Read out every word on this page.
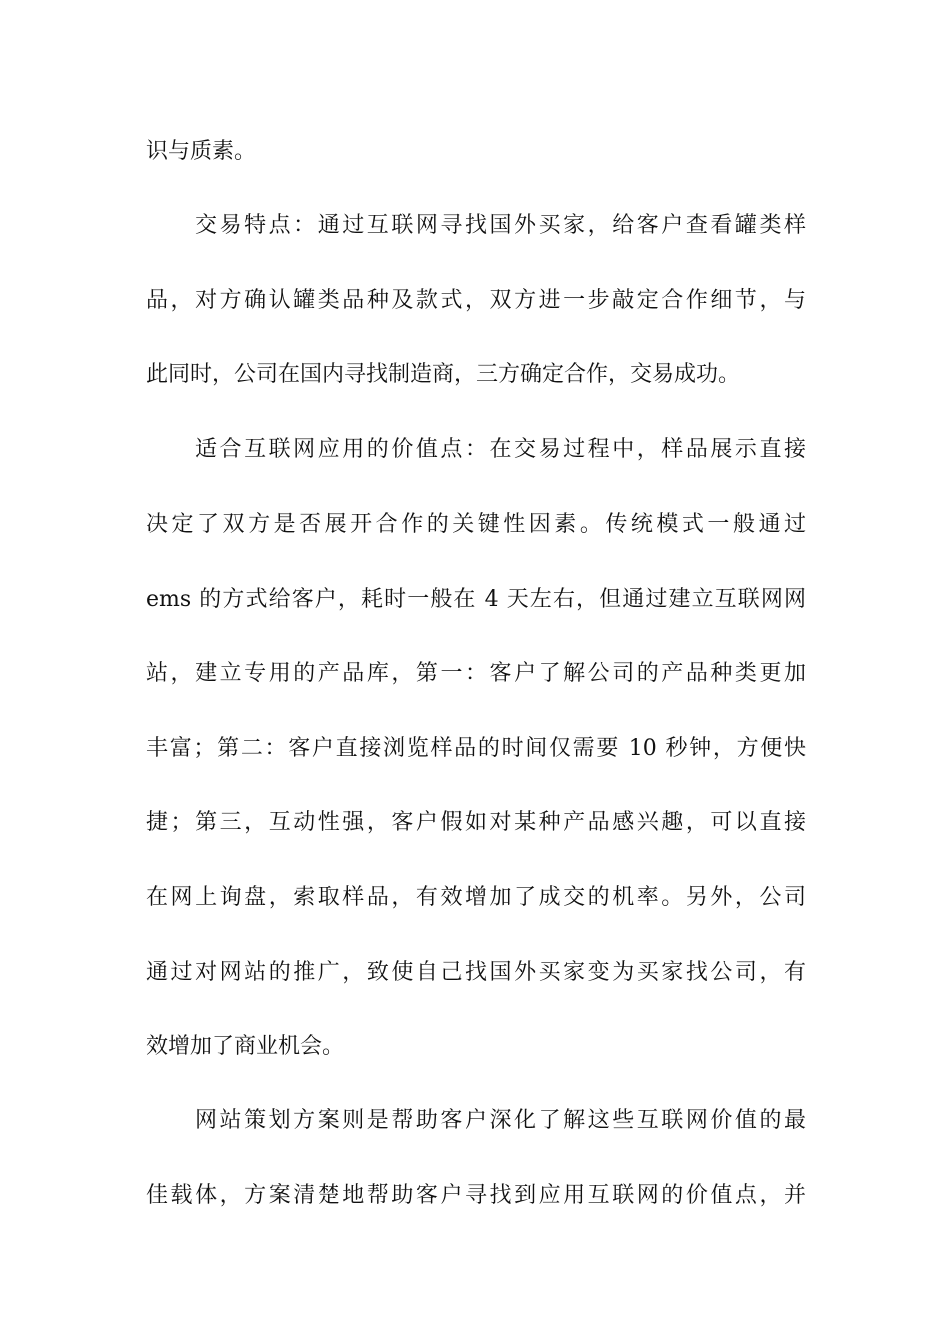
识与质素。
交易特点：通过互联网寻找国外买家，给客户查看罐类样
品，对方确认罐类品种及款式，双方进一步敲定合作细节，与
此同时，公司在国内寻找制造商，三方确定合作，交易成功。
适合互联网应用的价值点：在交易过程中，样品展示直接
决定了双方是否展开合作的关键性因素。传统模式一般通过
ems 的方式给客户，耗时一般在 4 天左右，但通过建立互联网网
站，建立专用的产品库，第一：客户了解公司的产品种类更加
丰富；第二：客户直接浏览样品的时间仅需要 10 秒钟，方便快
捷；第三，互动性强，客户假如对某种产品感兴趣，可以直接
在网上询盘，索取样品，有效增加了成交的机率。另外，公司
通过对网站的推广，致使自己找国外买家变为买家找公司，有
效增加了商业机会。
网站策划方案则是帮助客户深化了解这些互联网价值的最
佳载体，方案清楚地帮助客户寻找到应用互联网的价值点，并
